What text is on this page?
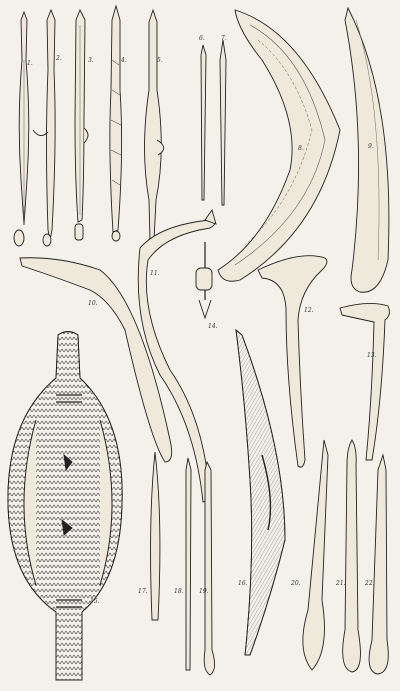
1.
2.	3.	4.	5.
6.	7.
8.	9.
10.
11.
12.
13.
14.
15.
16.
17.	18.	19.
20.	21.	22.
